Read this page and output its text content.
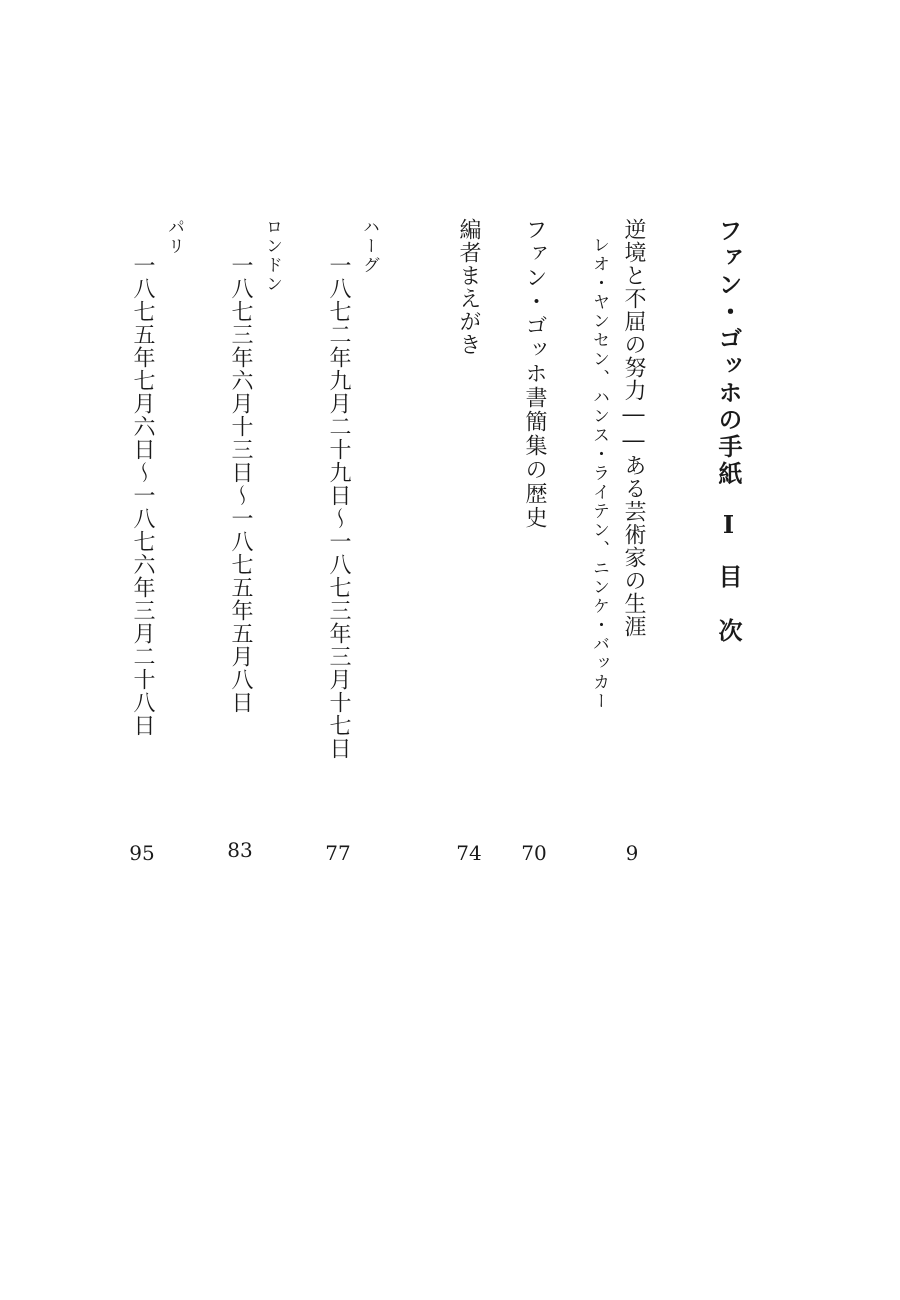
ファン・ゴッホの手紙I目　次
逆境と不屈の努力――ある芸術家の生涯
9
レオ・ヤンセン、ハンス・ライテン、ニンケ・バッカー
ファン・ゴッホ書簡集の歴史
70
編者まえがき
74
ハーグ
一八七二年九月二十九日～一八七三年三月十七日
77
ロンドン
一八七三年六月十三日～一八七五年五月八日
83
パリ
一八七五年七月六日～一八七六年三月二十八日
95
